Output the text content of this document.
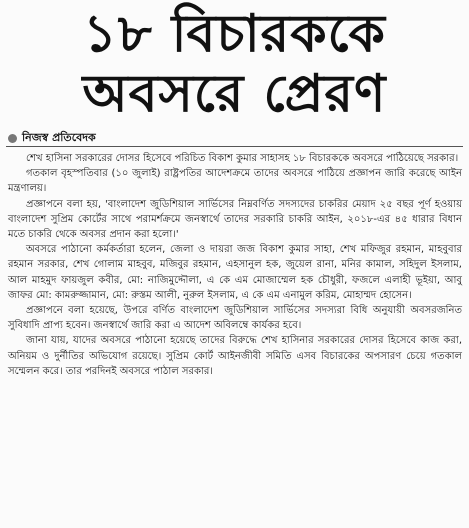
১৮ বিচারককে
অবসরে প্রেরণ
নিজস্ব প্রতিবেদক

শেখ হাসিনা সরকারের দোসর হিসেবে পরিচিত বিকাশ কুমার সাহাসহ ১৮ বিচারককে অবসরে পাঠিয়েছে সরকার।

গতকাল বৃহস্পতিবার (১০ জুলাই) রাষ্ট্রপতির আদেশক্রমে তাদের অবসরে পাঠিয়ে প্রজ্ঞাপন জারি করেছে আইন মন্ত্রণালয়।

প্রজ্ঞাপনে বলা হয়, 'বাংলাদেশ জুডিশিয়াল সার্ভিসের নিম্নবর্ণিত সদস্যদের চাকরির মেয়াদ ২৫ বছর পূর্ণ হওয়ায় বাংলাদেশ সুপ্রিম কোর্টের সাথে পরামর্শক্রমে জনস্বার্থে তাদের সরকারি চাকরি আইন, ২০১৮-এর ৪৫ ধারার বিধান মতে চাকরি থেকে অবসর প্রদান করা হলো।'

অবসরে পাঠানো কর্মকর্তারা হলেন, জেলা ও দায়রা জজ বিকাশ কুমার সাহা, শেখ মফিজুর রহমান, মাহবুবার রহমান সরকার, শেখ গোলাম মাহবুব, মজিবুর রহমান, এহসানুল হক, জুয়েল রানা, মনির কামাল, সহিদুল ইসলাম, আল মাহমুদ ফায়জুল কবীর, মো: নাজিমুদ্দৌলা, এ কে এম মোজাম্মেল হক চৌধুরী, ফজলে এলাহী ভূইয়া, আবু জাফর মো: কামরুজ্জামান, মো: রুস্তম আলী, নুরুল ইসলাম, এ কে এম এনামুল করিম, মোহাম্মদ হোসেন।

প্রজ্ঞাপনে বলা হয়েছে, উপরে বর্ণিত বাংলাদেশ জুডিশিয়াল সার্ভিসের সদস্যরা বিধি অনুযায়ী অবসরজনিত সুবিধাদি প্রাপ্য হবেন। জনস্বার্থে জারি করা এ আদেশ অবিলম্বে কার্যকর হবে।

জানা যায়, যাদের অবসরে পাঠানো হয়েছে তাদের বিরুদ্ধে শেখ হাসিনার সরকারের দোসর হিসেবে কাজ করা, অনিয়ম ও দুর্নীতির অভিযোগ রয়েছে। সুপ্রিম কোর্ট আইনজীবী সমিতি এসব বিচারকের অপসারণ চেয়ে গতকাল সম্মেলন করে। তার পরদিনই অবসরে পাঠাল সরকার।
